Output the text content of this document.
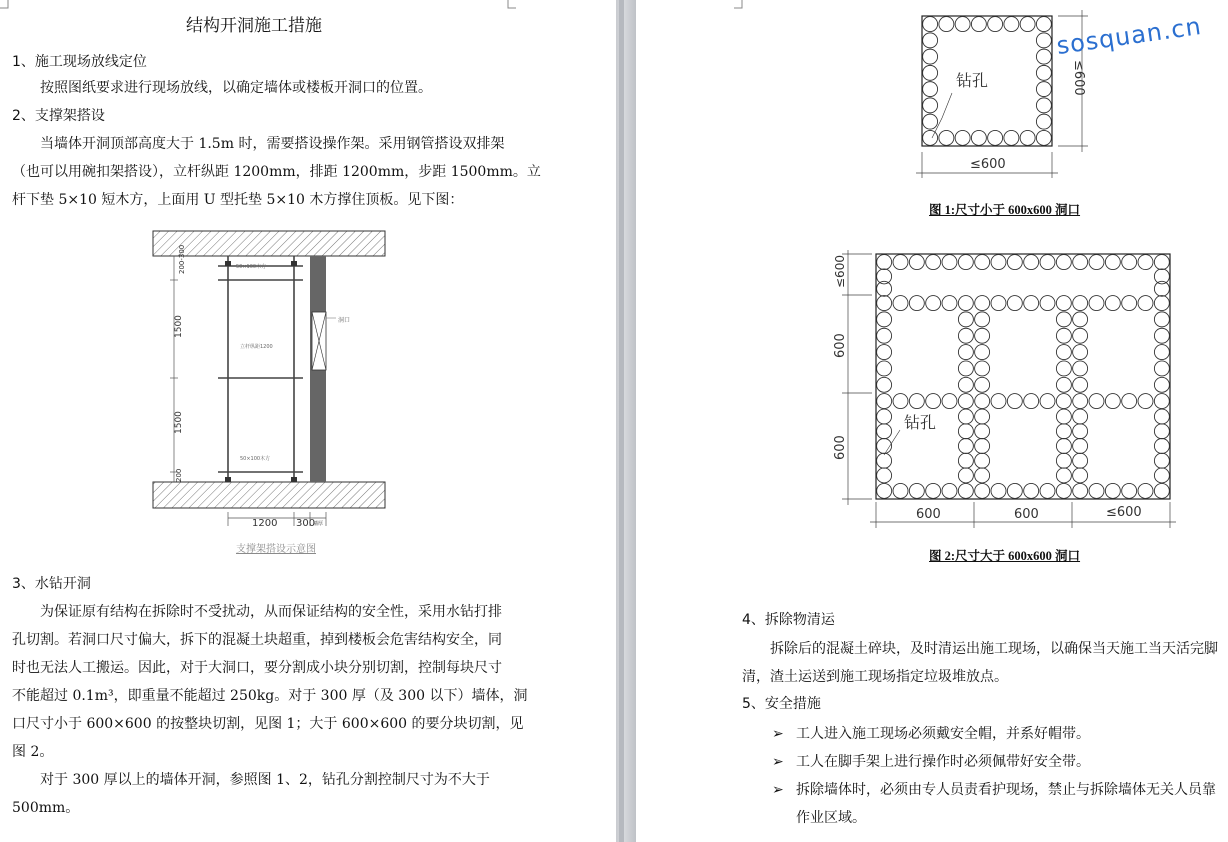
结构开洞施工措施
1、施工现场放线定位
按照图纸要求进行现场放线，以确定墙体或楼板开洞口的位置。
2、支撑架搭设
当墙体开洞顶部高度大于 1.5m 时，需要搭设操作架。采用钢管搭设双排架
（也可以用碗扣架搭设），立杆纵距 1200mm，排距 1200mm，步距 1500mm。立
杆下垫 5×10 短木方，上面用 U 型托垫 5×10 木方撑住顶板。见下图：
200-300
1500
1500
200
1200 300
墙厚
50×100木方
立杆纵距1200
50×100木方
洞口
支撑架搭设示意图
3、水钻开洞
为保证原有结构在拆除时不受扰动，从而保证结构的安全性，采用水钻打排
孔切割。若洞口尺寸偏大，拆下的混凝土块超重，掉到楼板会危害结构安全，同
时也无法人工搬运。因此，对于大洞口，要分割成小块分别切割，控制每块尺寸
不能超过 0.1m³，即重量不能超过 250kg。对于 300 厚（及 300 以下）墙体，洞
口尺寸小于 600×600 的按整块切割，见图 1；大于 600×600 的要分块切割，见
图 2。
对于 300 厚以上的墙体开洞，参照图 1、2，钻孔分割控制尺寸为不大于
500mm。
钻孔
≤600
≤600
图 1:尺寸小于 600x600 洞口
sosquan.cn
钻孔
600	600	≤600
≤600
600
600
图 2:尺寸大于 600x600 洞口
4、拆除物清运
拆除后的混凝土碎块，及时清运出施工现场，以确保当天施工当天活完脚
清，渣土运送到施工现场指定垃圾堆放点。
5、安全措施
➢ 工人进入施工现场必须戴安全帽，并系好帽带。
➢ 工人在脚手架上进行操作时必须佩带好安全带。
➢ 拆除墙体时，必须由专人员责看护现场，禁止与拆除墙体无关人员靠
作业区域。
